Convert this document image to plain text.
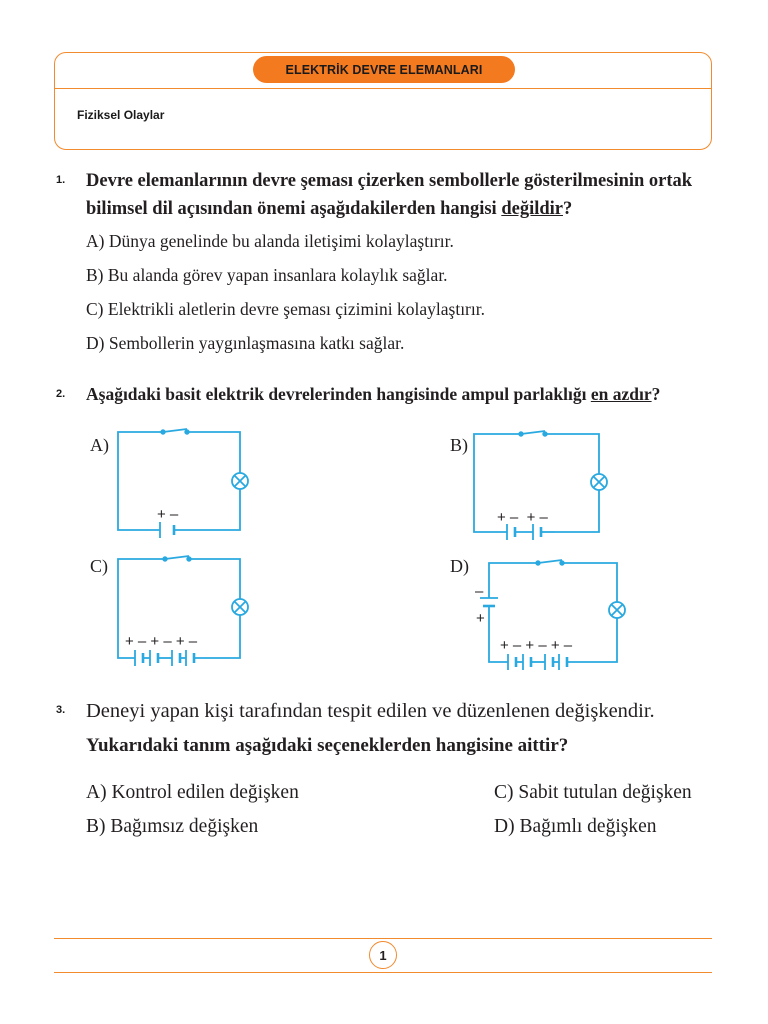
ELEKTRİK DEVRE ELEMANLARI
Fiziksel Olaylar
1. Devre elemanlarının devre şeması çizerken sembollerle gösterilmesinin ortak
bilimsel dil açısından önemi aşağıdakilerden hangisi değildir?
A) Dünya genelinde bu alanda iletişimi kolaylaştırır.
B) Bu alanda görev yapan insanlara kolaylık sağlar.
C) Elektrikli aletlerin devre şeması çizimini kolaylaştırır.
D) Sembollerin yaygınlaşmasına katkı sağlar.
2. Aşağıdaki basit elektrik devrelerinden hangisinde ampul parlaklığı en azdır?
A)	B)
C)	D)
+ –	+ –  + –
+ – + – + –
–
+
+ – + – + –
3. Deneyi yapan kişi tarafından tespit edilen ve düzenlenen değişkendir.
Yukarıdaki tanım aşağıdaki seçeneklerden hangisine aittir?
A) Kontrol edilen değişken
B) Bağımsız değişken
C) Sabit tutulan değişken
D) Bağımlı değişken
1
